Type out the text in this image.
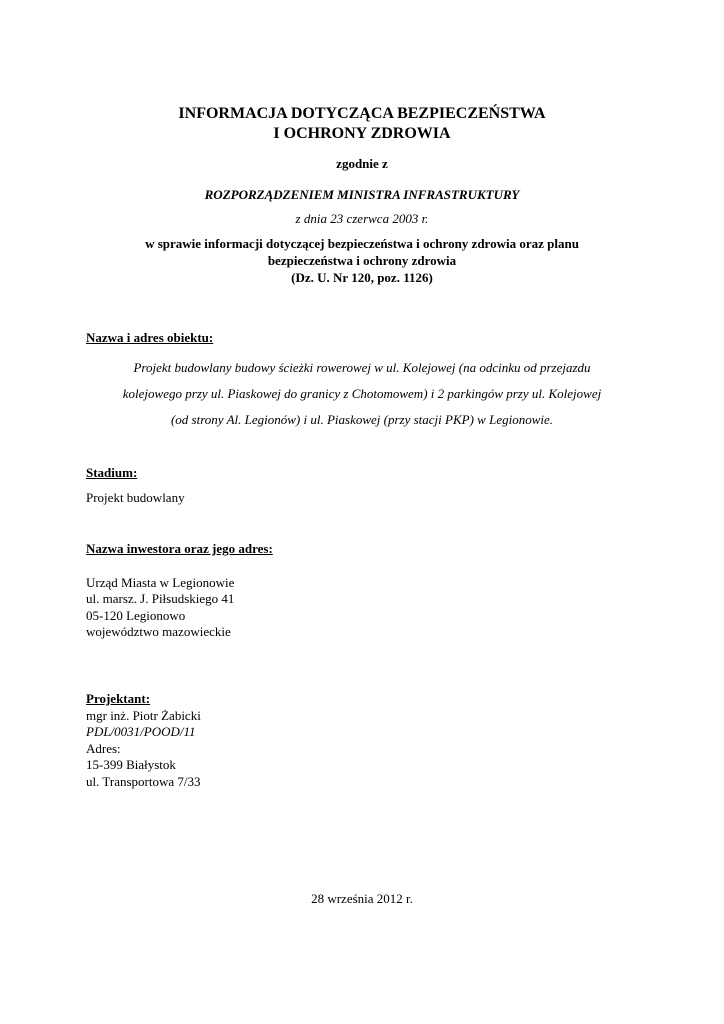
INFORMACJA DOTYCZĄCA BEZPIECZEŃSTWA
I OCHRONY ZDROWIA
zgodnie z
ROZPORZĄDZENIEM MINISTRA INFRASTRUKTURY
z dnia 23 czerwca 2003 r.
w sprawie informacji dotyczącej bezpieczeństwa i ochrony zdrowia oraz planu
bezpieczeństwa i ochrony zdrowia
(Dz. U. Nr 120, poz. 1126)
Nazwa i adres obiektu:
Projekt budowlany budowy ścieżki rowerowej w ul. Kolejowej (na odcinku od przejazdu
kolejowego przy ul. Piaskowej do granicy z Chotomowem) i 2 parkingów przy ul. Kolejowej
(od strony Al. Legionów) i ul. Piaskowej (przy stacji PKP) w Legionowie.
Stadium:
Projekt budowlany
Nazwa inwestora oraz jego adres:
Urząd Miasta w Legionowie
ul. marsz. J. Piłsudskiego 41
05-120 Legionowo
województwo mazowieckie
Projektant:
mgr inż. Piotr Żabicki
PDL/0031/POOD/11
Adres:
15-399 Białystok
ul. Transportowa 7/33
28 września 2012 r.
